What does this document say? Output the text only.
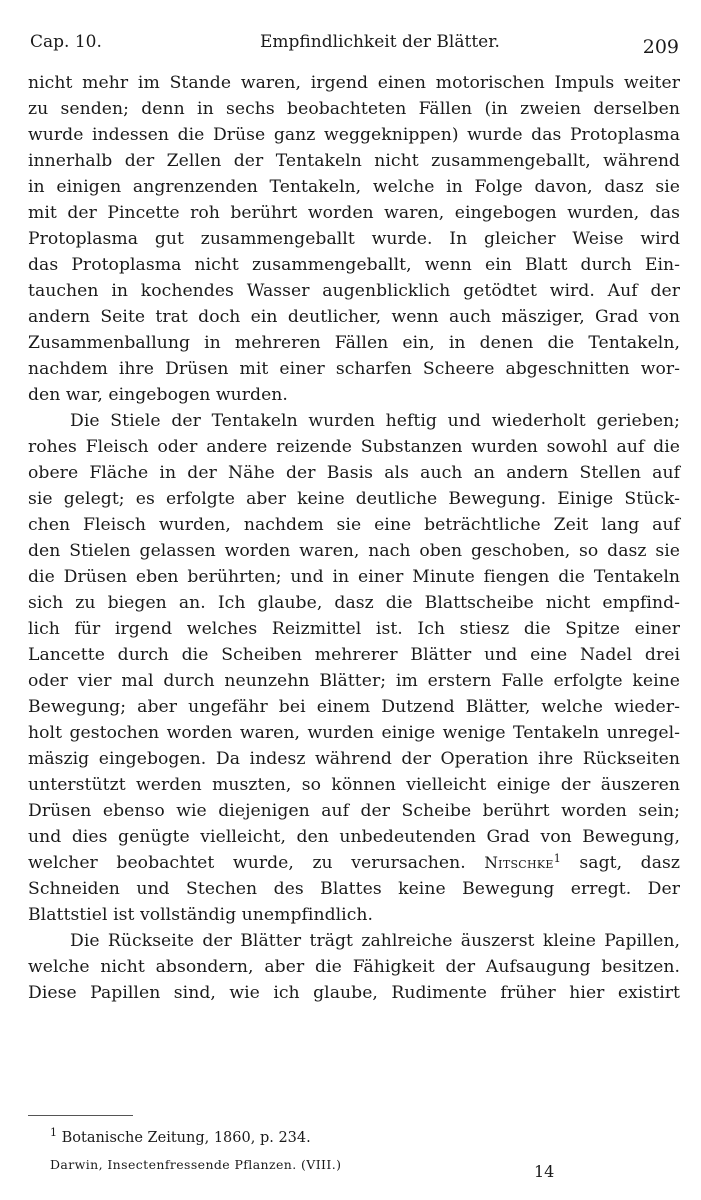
Cap. 10.	Empfindlichkeit der Blätter.	209
nicht mehr im Stande waren, irgend einen motorischen Impuls weiter
zu senden; denn in sechs beobachteten Fällen (in zweien derselben
wurde indessen die Drüse ganz weggeknippen) wurde das Protoplasma
innerhalb der Zellen der Tentakeln nicht zusammengeballt, während
in einigen angrenzenden Tentakeln, welche in Folge davon, dasz sie
mit der Pincette roh berührt worden waren, eingebogen wurden, das
Protoplasma gut zusammengeballt wurde. In gleicher Weise wird
das Protoplasma nicht zusammengeballt, wenn ein Blatt durch Ein-
tauchen in kochendes Wasser augenblicklich getödtet wird. Auf der
andern Seite trat doch ein deutlicher, wenn auch mäsziger, Grad von
Zusammenballung in mehreren Fällen ein, in denen die Tentakeln,
nachdem ihre Drüsen mit einer scharfen Scheere abgeschnitten wor-
den war, eingebogen wurden.
Die Stiele der Tentakeln wurden heftig und wiederholt gerieben;
rohes Fleisch oder andere reizende Substanzen wurden sowohl auf die
obere Fläche in der Nähe der Basis als auch an andern Stellen auf
sie gelegt; es erfolgte aber keine deutliche Bewegung. Einige Stück-
chen Fleisch wurden, nachdem sie eine beträchtliche Zeit lang auf
den Stielen gelassen worden waren, nach oben geschoben, so dasz sie
die Drüsen eben berührten; und in einer Minute fiengen die Tentakeln
sich zu biegen an. Ich glaube, dasz die Blattscheibe nicht empfind-
lich für irgend welches Reizmittel ist. Ich stiesz die Spitze einer
Lancette durch die Scheiben mehrerer Blätter und eine Nadel drei
oder vier mal durch neunzehn Blätter; im erstern Falle erfolgte keine
Bewegung; aber ungefähr bei einem Dutzend Blätter, welche wieder-
holt gestochen worden waren, wurden einige wenige Tentakeln unregel-
mäszig eingebogen. Da indesz während der Operation ihre Rückseiten
unterstützt werden muszten, so können vielleicht einige der äuszeren
Drüsen ebenso wie diejenigen auf der Scheibe berührt worden sein;
und dies genügte vielleicht, den unbedeutenden Grad von Bewegung,
welcher beobachtet wurde, zu verursachen. Nitschke$^1$ sagt, dasz
Schneiden und Stechen des Blattes keine Bewegung erregt. Der
Blattstiel ist vollständig unempfindlich.
Die Rückseite der Blätter trägt zahlreiche äuszerst kleine Papillen,
welche nicht absondern, aber die Fähigkeit der Aufsaugung besitzen.
Diese Papillen sind, wie ich glaube, Rudimente früher hier existirt
$^1$ Botanische Zeitung, 1860, p. 234.
Darwin, Insectenfressende Pflanzen. (VIII.)	14
